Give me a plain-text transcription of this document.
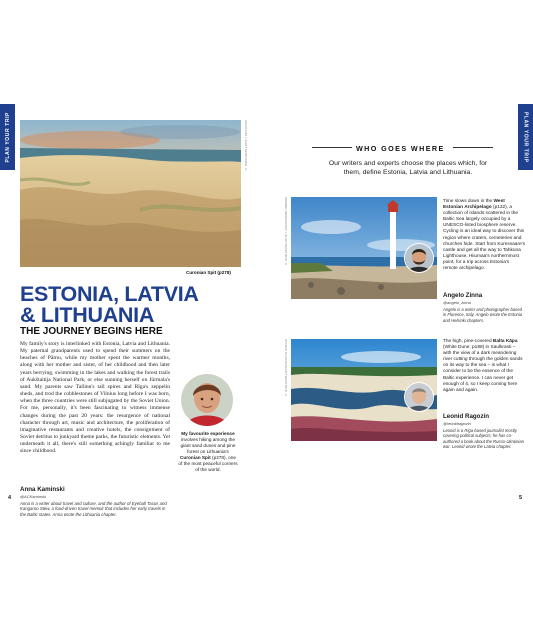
PLAN YOUR TRIP	ANTIPLUS / SHUTTERSTOCK ©
Curonian Spit (p278)
ESTONIA, LATVIA
& LITHUANIA
THE JOURNEY BEGINS HERE

My family's story is interlinked with Estonia, Latvia and Lithuania. My paternal grandparents used to spend their summers on the beaches of Pärnu, while my mother spent the warmer months, along with her mother and sister, of her childhood and then later years berrying, swimming in the lakes and walking the forest trails of Aukštaitija National Park, or else sunning herself on Jūrmala's sand. My parents saw Tallinn's tall spires and Rīga's zeppelin sheds, and trod the cobblestones of Vilnius long before I was born, when the three countries were still subjugated by the Soviet Union. For me, personally, it's been fascinating to witness immense changes during the past 20 years: the resurgence of national character through art, music and architecture, the proliferation of imaginative restaurants and creative hotels, the consignment of Soviet detritus to junkyard theme parks, the futuristic elements. Yet underneath it all, there's still something achingly familiar to me since childhood.

Anna Kaminski
@ACKaminski

Anna is a writer about travel and culture, and the author of Eyeball Tacos and Kangaroo Stew, a food-driven travel memoir that includes her early travels in the Baltic states. Anna wrote the Lithuania chapter.

My favourite experience involves hiking among the giant sand dunes and pine forest on Lithuania's Curonian Spit (p278), one of the most peaceful corners of the world.

4
PLAN YOUR TRIP
WHO GOES WHERE

Our writers and experts choose the places which, for them, define Estonia, Latvia and Lithuania.

ANDREI NEKRASSOV / SHUTTERSTOCK ©	Time slows down in the West Estonian Archipelago (p132), a collection of islands scattered in the Baltic Sea largely occupied by a UNESCO-listed biosphere reserve. Cycling is an ideal way to discover this region where craters, cemeteries and churches hide. Start from Kuressaare's castle and get all the way to Tahkuna Lighthouse, Hiiumaa's northernmost point, for a trip across Estonia's remote archipelago.

Angelo Zinna
@angelo_zinna

Angelo is a writer and photographer based in Florence, Italy. Angelo wrote the Estonia and Helsinki chapters.

AIVARS PLUCIS/SHUTTERSTOCK ©	The high, pine-covered Balta Kāpa (White Dune; p188) in Saulkrasti – with the view of a dark meandering river cutting through the golden sands on its way to the sea – is what I consider to be the essence of the Baltic experience. I can never get enough of it, so I keep coming here again and again.

Leonid Ragozin
@leonidragozin

Leonid is a Riga-based journalist mostly covering political subjects; he has co-authored a book about the Russo-Ukrainian war. Leonid wrote the Latvia chapter.

5
